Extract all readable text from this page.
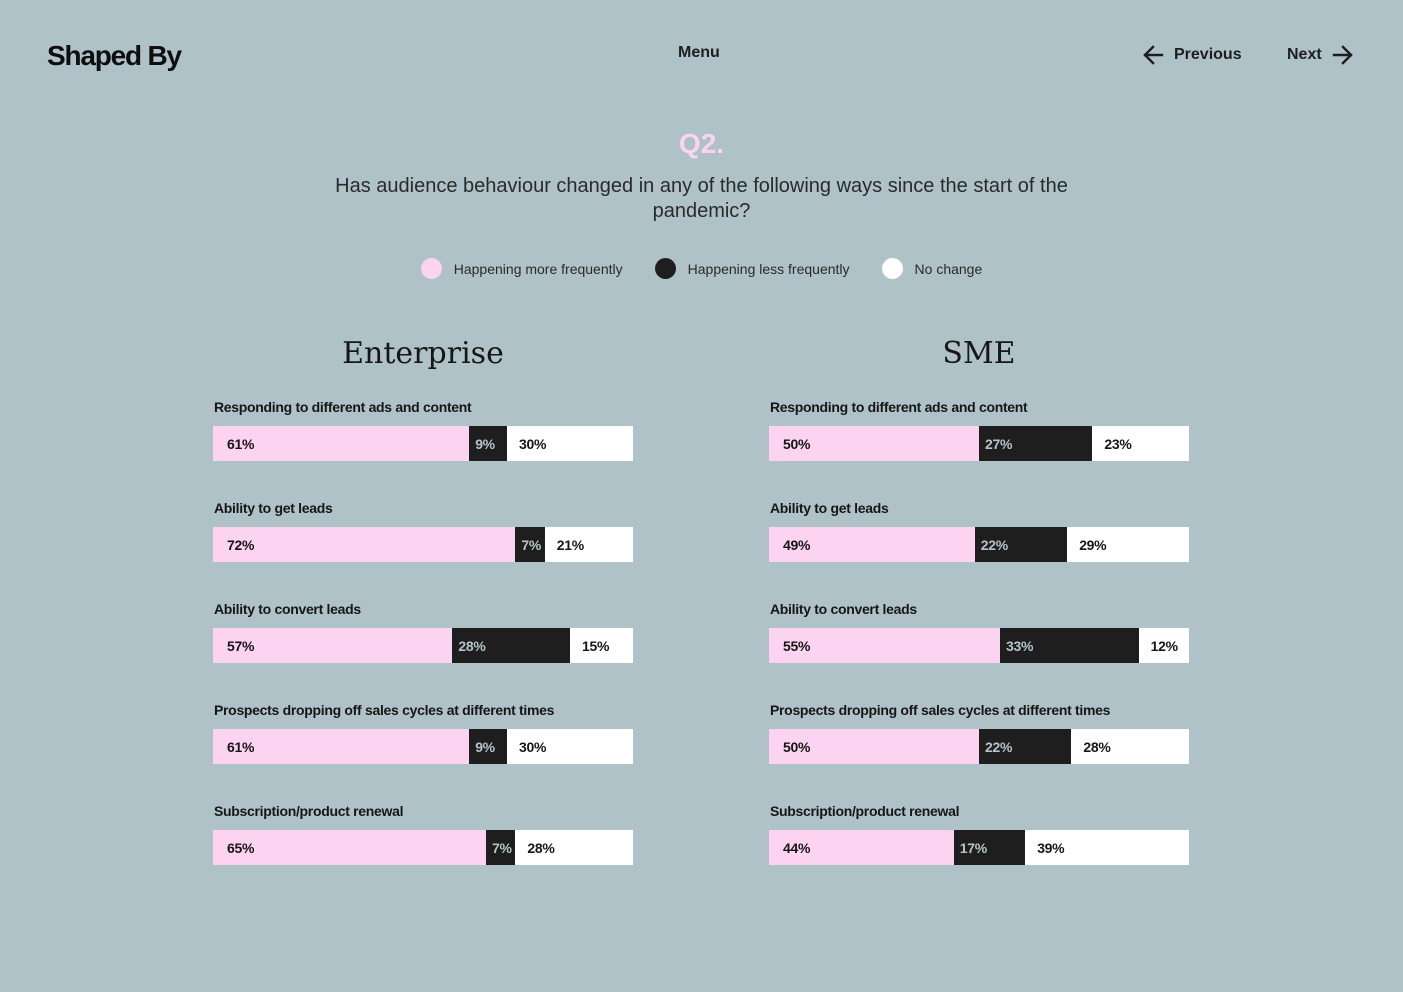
Shaped By	Menu	Previous	Next
Q2.
Has audience behaviour changed in any of the following ways since the start of the pandemic?
Happening more frequently	Happening less frequently	No change
Enterprise
Responding to different ads and content
61%	9% 30%
Ability to get leads
72%	7% 21%
Ability to convert leads
57%	28%	15%
Prospects dropping off sales cycles at different times
61%	9% 30%
Subscription/product renewal
65%	7% 28%
SME
Responding to different ads and content
50%	27%	23%
Ability to get leads
49%	22%	29%
Ability to convert leads
55%	33%	12%
Prospects dropping off sales cycles at different times
50%	22%	28%
Subscription/product renewal
44%	17%	39%
